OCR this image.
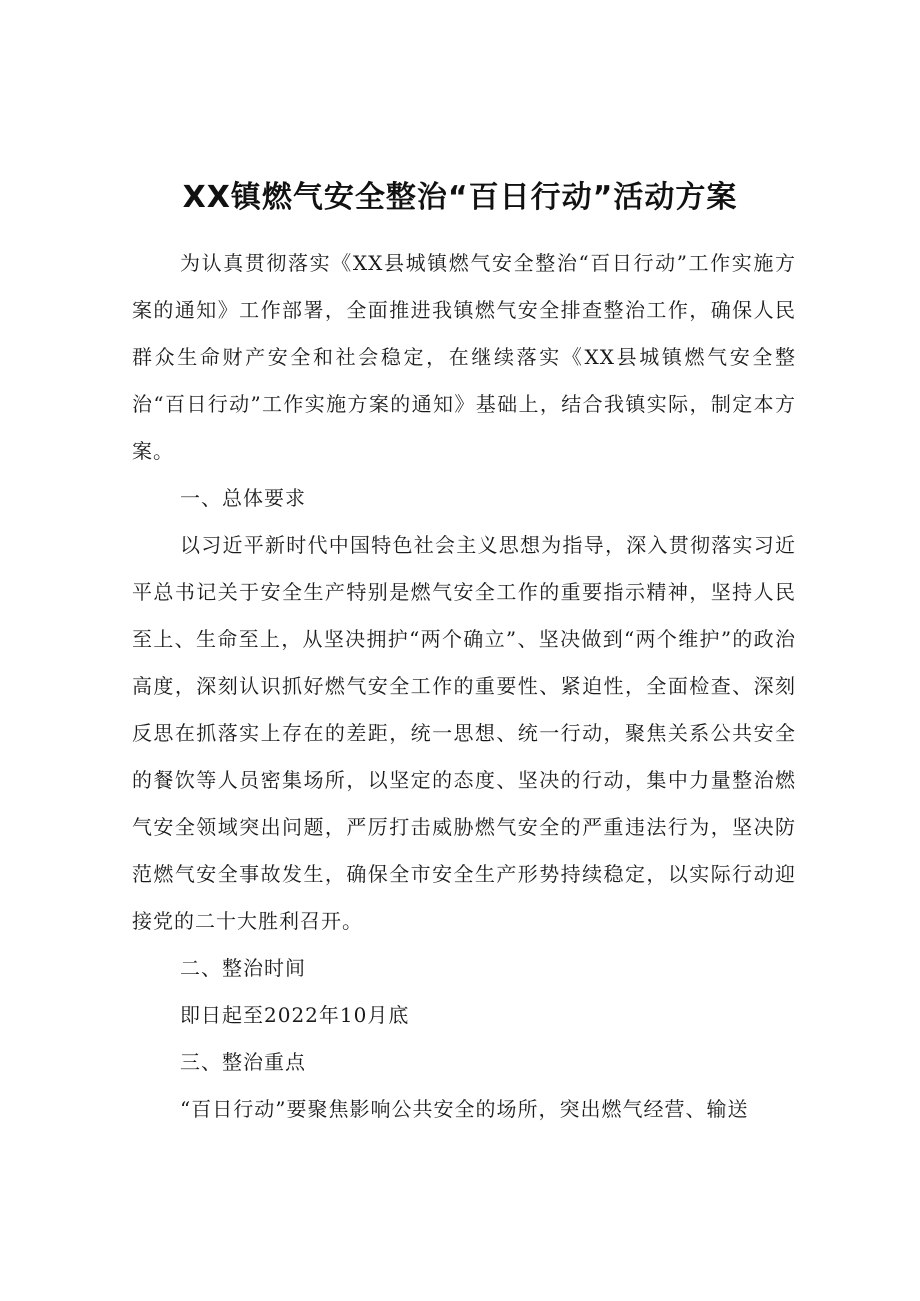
XX镇燃气安全整治“百日行动”活动方案

为认真贯彻落实《XX县城镇燃气安全整治“百日行动”工作实施方案的通知》工作部署，全面推进我镇燃气安全排查整治工作，确保人民群众生命财产安全和社会稳定，在继续落实《XX县城镇燃气安全整治“百日行动”工作实施方案的通知》基础上，结合我镇实际，制定本方案。

一、总体要求

以习近平新时代中国特色社会主义思想为指导，深入贯彻落实习近平总书记关于安全生产特别是燃气安全工作的重要指示精神，坚持人民至上、生命至上，从坚决拥护“两个确立”、坚决做到“两个维护”的政治高度，深刻认识抓好燃气安全工作的重要性、紧迫性，全面检查、深刻反思在抓落实上存在的差距，统一思想、统一行动，聚焦关系公共安全的餐饮等人员密集场所，以坚定的态度、坚决的行动，集中力量整治燃气安全领域突出问题，严厉打击威胁燃气安全的严重违法行为，坚决防范燃气安全事故发生，确保全市安全生产形势持续稳定，以实际行动迎接党的二十大胜利召开。

二、整治时间

即日起至2022年10月底

三、整治重点

“百日行动”要聚焦影响公共安全的场所，突出燃气经营、输送
